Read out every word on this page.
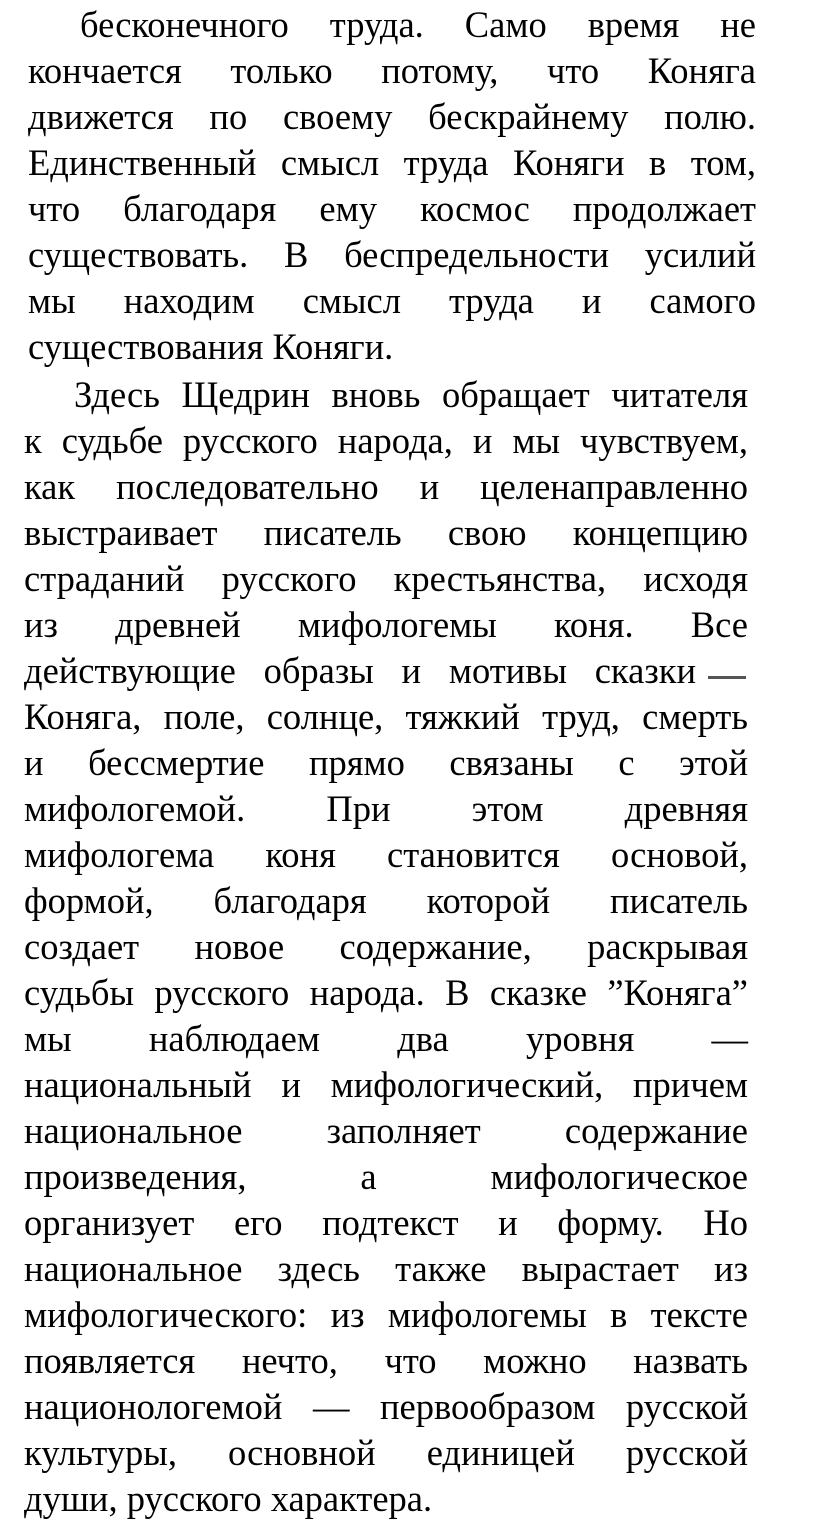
бесконечного труда. Само время не
кончается только потому, что Коняга
движется по своему бескрайнему полю.
Единственный смысл труда Коняги в том,
что благодаря ему космос продолжает
существовать. В беспредельности усилий
мы находим смысл труда и самого
существования Коняги.
Здесь Щедрин вновь обращает читателя
к судьбе русского народа, и мы чувствуем,
как последовательно и целенаправленно
выстраивает писатель свою концепцию
страданий русского крестьянства, исходя
из древней мифологемы коня. Все
действующие образы и мотивы сказки
Коняга, поле, солнце, тяжкий труд, смерть
и бессмертие прямо связаны с этой
мифологемой. При этом древняя
мифологема коня становится основой,
формой, благодаря которой писатель
создает новое содержание, раскрывая
судьбы русского народа. В сказке ”Коняга”
мы наблюдаем два уровня —
национальный и мифологический, причем
национальное заполняет содержание
произведения, а мифологическое
организует его подтекст и форму. Но
национальное здесь также вырастает из
мифологического: из мифологемы в тексте
появляется нечто, что можно назвать
национологемой — первообразом русской
культуры, основной единицей русской
души, русского характера.
